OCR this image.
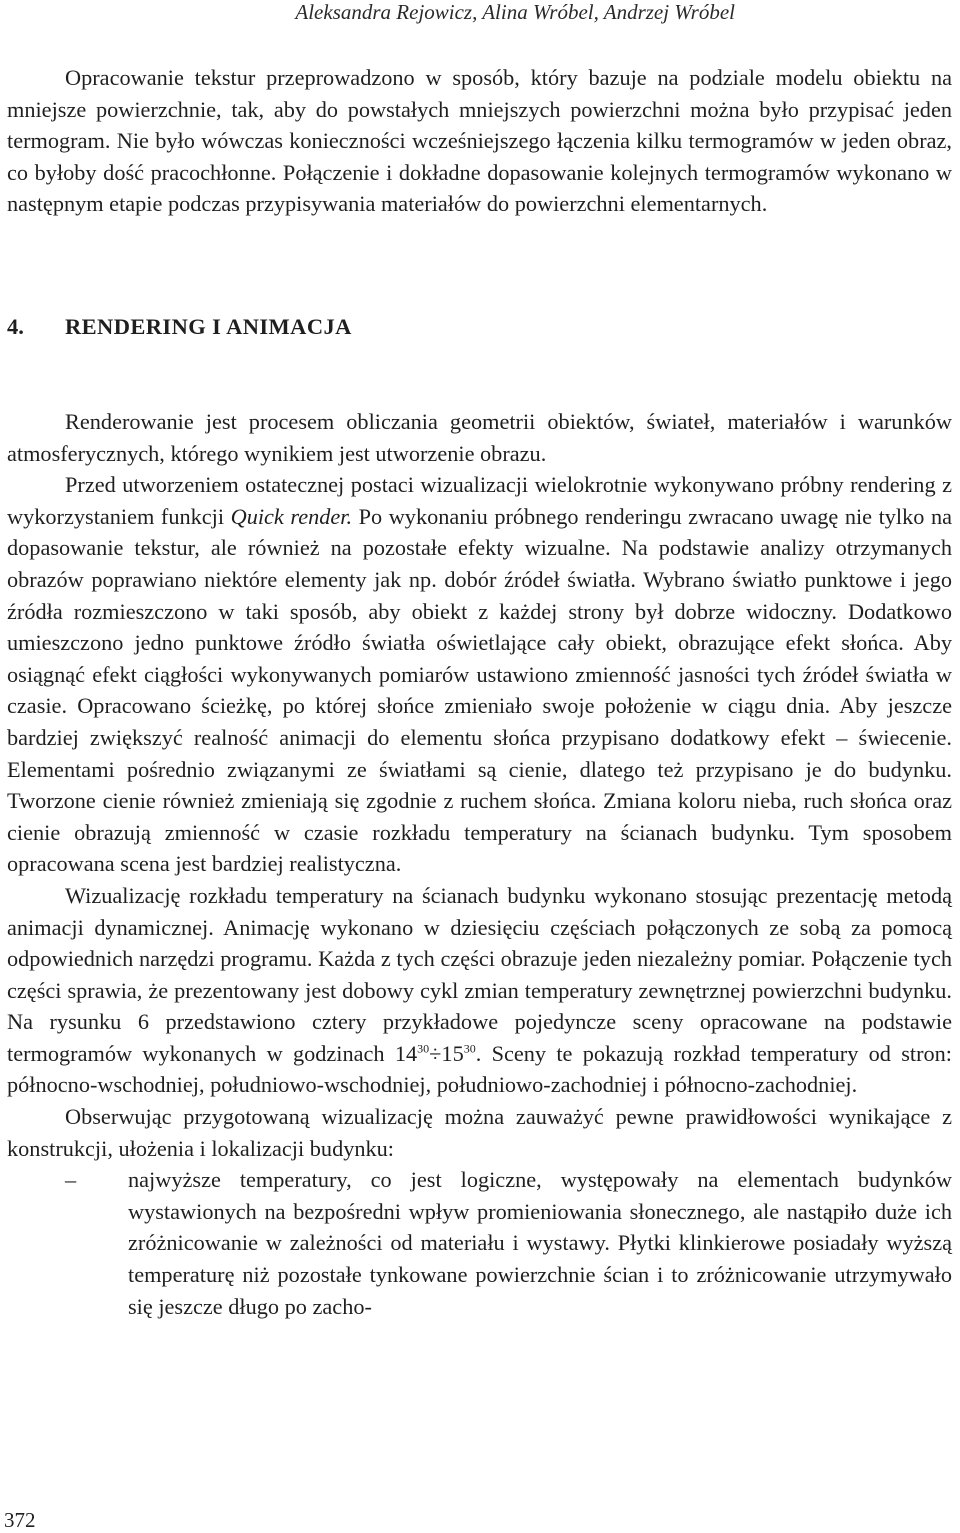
Aleksandra Rejowicz, Alina Wróbel, Andrzej Wróbel

Opracowanie tekstur przeprowadzono w sposób, który bazuje na podziale modelu obiektu na mniejsze powierzchnie, tak, aby do powstałych mniejszych powierzchni można było przypisać jeden termogram. Nie było wówczas konieczności wcześniejszego łączenia kilku termogramów w jeden obraz, co byłoby dość pracochłonne. Połączenie i dokładne dopasowanie kolejnych termogramów wykonano w następnym etapie podczas przypisywania materiałów do powierzchni elementarnych.

4. RENDERING I ANIMACJA

Renderowanie jest procesem obliczania geometrii obiektów, świateł, materiałów i warunków atmosferycznych, którego wynikiem jest utworzenie obrazu.

Przed utworzeniem ostatecznej postaci wizualizacji wielokrotnie wykonywano próbny rendering z wykorzystaniem funkcji Quick render. Po wykonaniu próbnego renderingu zwracano uwagę nie tylko na dopasowanie tekstur, ale również na pozostałe efekty wizualne. Na podstawie analizy otrzymanych obrazów poprawiano niektóre elementy jak np. dobór źródeł światła. Wybrano światło punktowe i jego źródła rozmieszczono w taki sposób, aby obiekt z każdej strony był dobrze widoczny. Dodatkowo umieszczono jedno punktowe źródło światła oświetlające cały obiekt, obrazujące efekt słońca. Aby osiągnąć efekt ciągłości wykonywanych pomiarów ustawiono zmienność jasności tych źródeł światła w czasie. Opracowano ścieżkę, po której słońce zmieniało swoje położenie w ciągu dnia. Aby jeszcze bardziej zwiększyć realność animacji do elementu słońca przypisano dodatkowy efekt – świecenie. Elementami pośrednio związanymi ze światłami są cienie, dlatego też przypisano je do budynku. Tworzone cienie również zmieniają się zgodnie z ruchem słońca. Zmiana koloru nieba, ruch słońca oraz cienie obrazują zmienność w czasie rozkładu temperatury na ścianach budynku. Tym sposobem opracowana scena jest bardziej realistyczna.

Wizualizację rozkładu temperatury na ścianach budynku wykonano stosując prezentację metodą animacji dynamicznej. Animację wykonano w dziesięciu częściach połączonych ze sobą za pomocą odpowiednich narzędzi programu. Każda z tych części obrazuje jeden niezależny pomiar. Połączenie tych części sprawia, że prezentowany jest dobowy cykl zmian temperatury zewnętrznej powierzchni budynku. Na rysunku 6 przedstawiono cztery przykładowe pojedyncze sceny opracowane na podstawie termogramów wykonanych w godzinach $14^{30}\div 15^{30}$. Sceny te pokazują rozkład temperatury od stron: północno-wschodniej, południowo-wschodniej, południowo-zachodniej i północno-zachodniej.

Obserwując przygotowaną wizualizację można zauważyć pewne prawidłowości wynikające z konstrukcji, ułożenia i lokalizacji budynku:

– najwyższe temperatury, co jest logiczne, występowały na elementach budynków wystawionych na bezpośredni wpływ promieniowania słonecznego, ale nastąpiło duże ich zróżnicowanie w zależności od materiału i wystawy. Płytki klinkierowe posiadały wyższą temperaturę niż pozostałe tynkowane powierzchnie ścian i to zróżnicowanie utrzymywało się jeszcze długo po zacho-
372
